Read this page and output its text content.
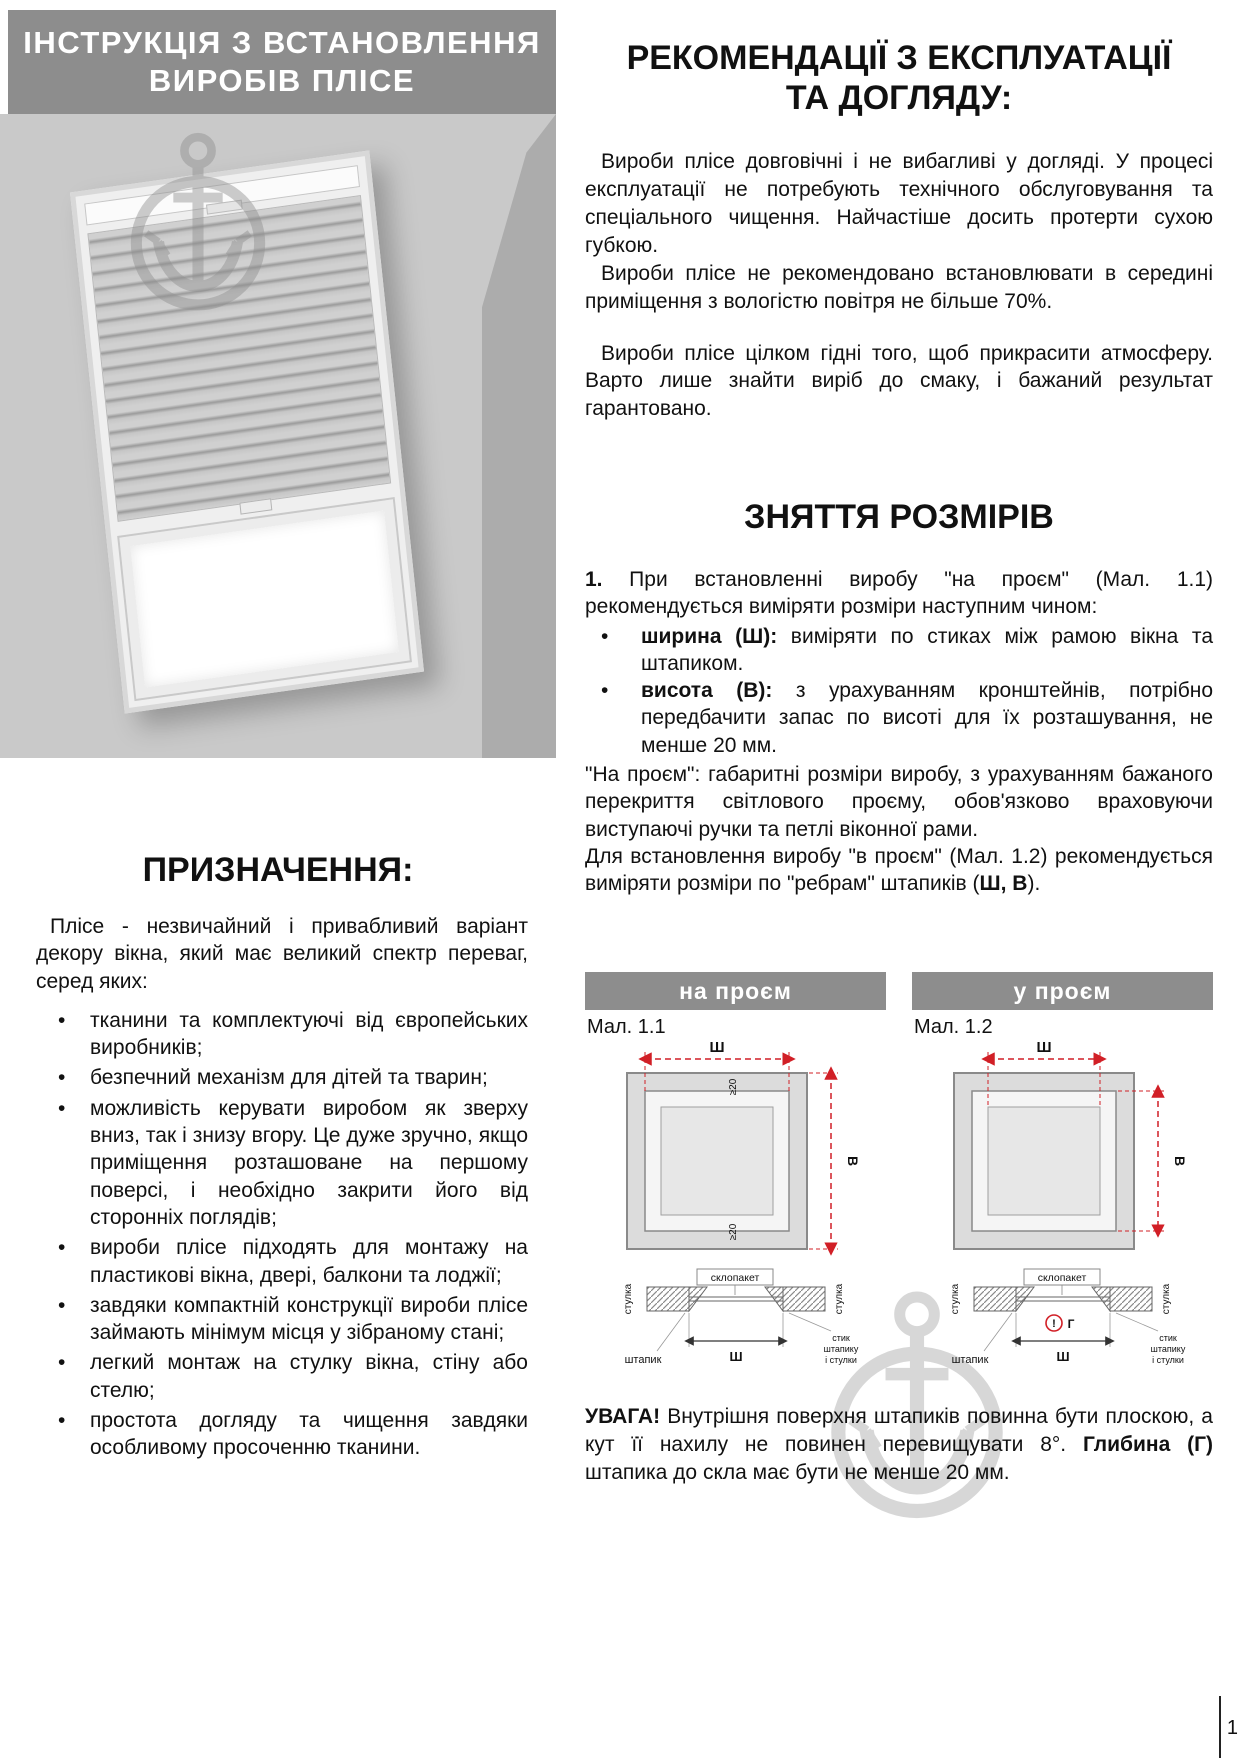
ІНСТРУКЦІЯ З ВСТАНОВЛЕННЯ
ВИРОБІВ ПЛІСЕ
ПРИЗНАЧЕННЯ:

Плісе - незвичайний і привабливий варіант декору вікна, який має великий спектр переваг, серед яких:

• тканини та комплектуючі від європейських виробників;
• безпечний механізм для дітей та тварин;
• можливість керувати виробом як зверху вниз, так і знизу вгору. Це дуже зручно, якщо приміщення розташоване на першому поверсі, і необхідно закрити його від сторонніх поглядів;
• вироби плісе підходять для монтажу на пластикові вікна, двері, балкони та лоджії;
• завдяки компактній конструкції вироби плісе займають мінімум місця у зібраному стані;
• легкий монтаж на стулку вікна, стіну або стелю;
• простота догляду та чищення завдяки особливому просоченню тканини.
РЕКОМЕНДАЦІЇ З ЕКСПЛУАТАЦІЇ
ТА ДОГЛЯДУ:

Вироби плісе довговічні і не вибагливі у догляді. У процесі експлуатації не потребують технічного обслуговування та спеціального чищення. Найчастіше досить протерти сухою губкою.

Вироби плісе не рекомендовано встановлювати в середині приміщення з вологістю повітря не більше 70%.

Вироби плісе цілком гідні того, щоб прикрасити атмосферу. Варто лише знайти виріб до смаку, і бажаний результат гарантовано.

ЗНЯТТЯ РОЗМІРІВ

1. При встановленні виробу "на проєм" (Мал. 1.1) рекомендується виміряти розміри наступним чином:

• ширина (Ш): виміряти по стиках між рамою вікна та штапиком.
• висота (В): з урахуванням кронштейнів, потрібно передбачити запас по висоті для їх розташування, не менше 20 мм.

"На проєм": габаритні розміри виробу, з урахуванням бажаного перекриття світлового проєму, обов'язково враховуючи виступаючі ручки та петлі віконної рами.

Для встановлення виробу "в проєм" (Мал. 1.2) рекомендується виміряти розміри по "ребрам" штапиків (Ш, В).

на проєм
Мал. 1.1
Ш
В
≥20
≥20
склопакет
стулка	стулка
Ш
штапик
стик
штапику
і стулки
у проєм
Мал. 1.2
Ш
В
склопакет
! Г
стулка	стулка
Ш
штапик
стик
штапику
і стулки

УВАГА! Внутрішня поверхня штапиків повинна бути плоскою, а кут її нахилу не повинен перевищувати 8°. Глибина (Г) штапика до скла має бути не менше 20 мм.

1
